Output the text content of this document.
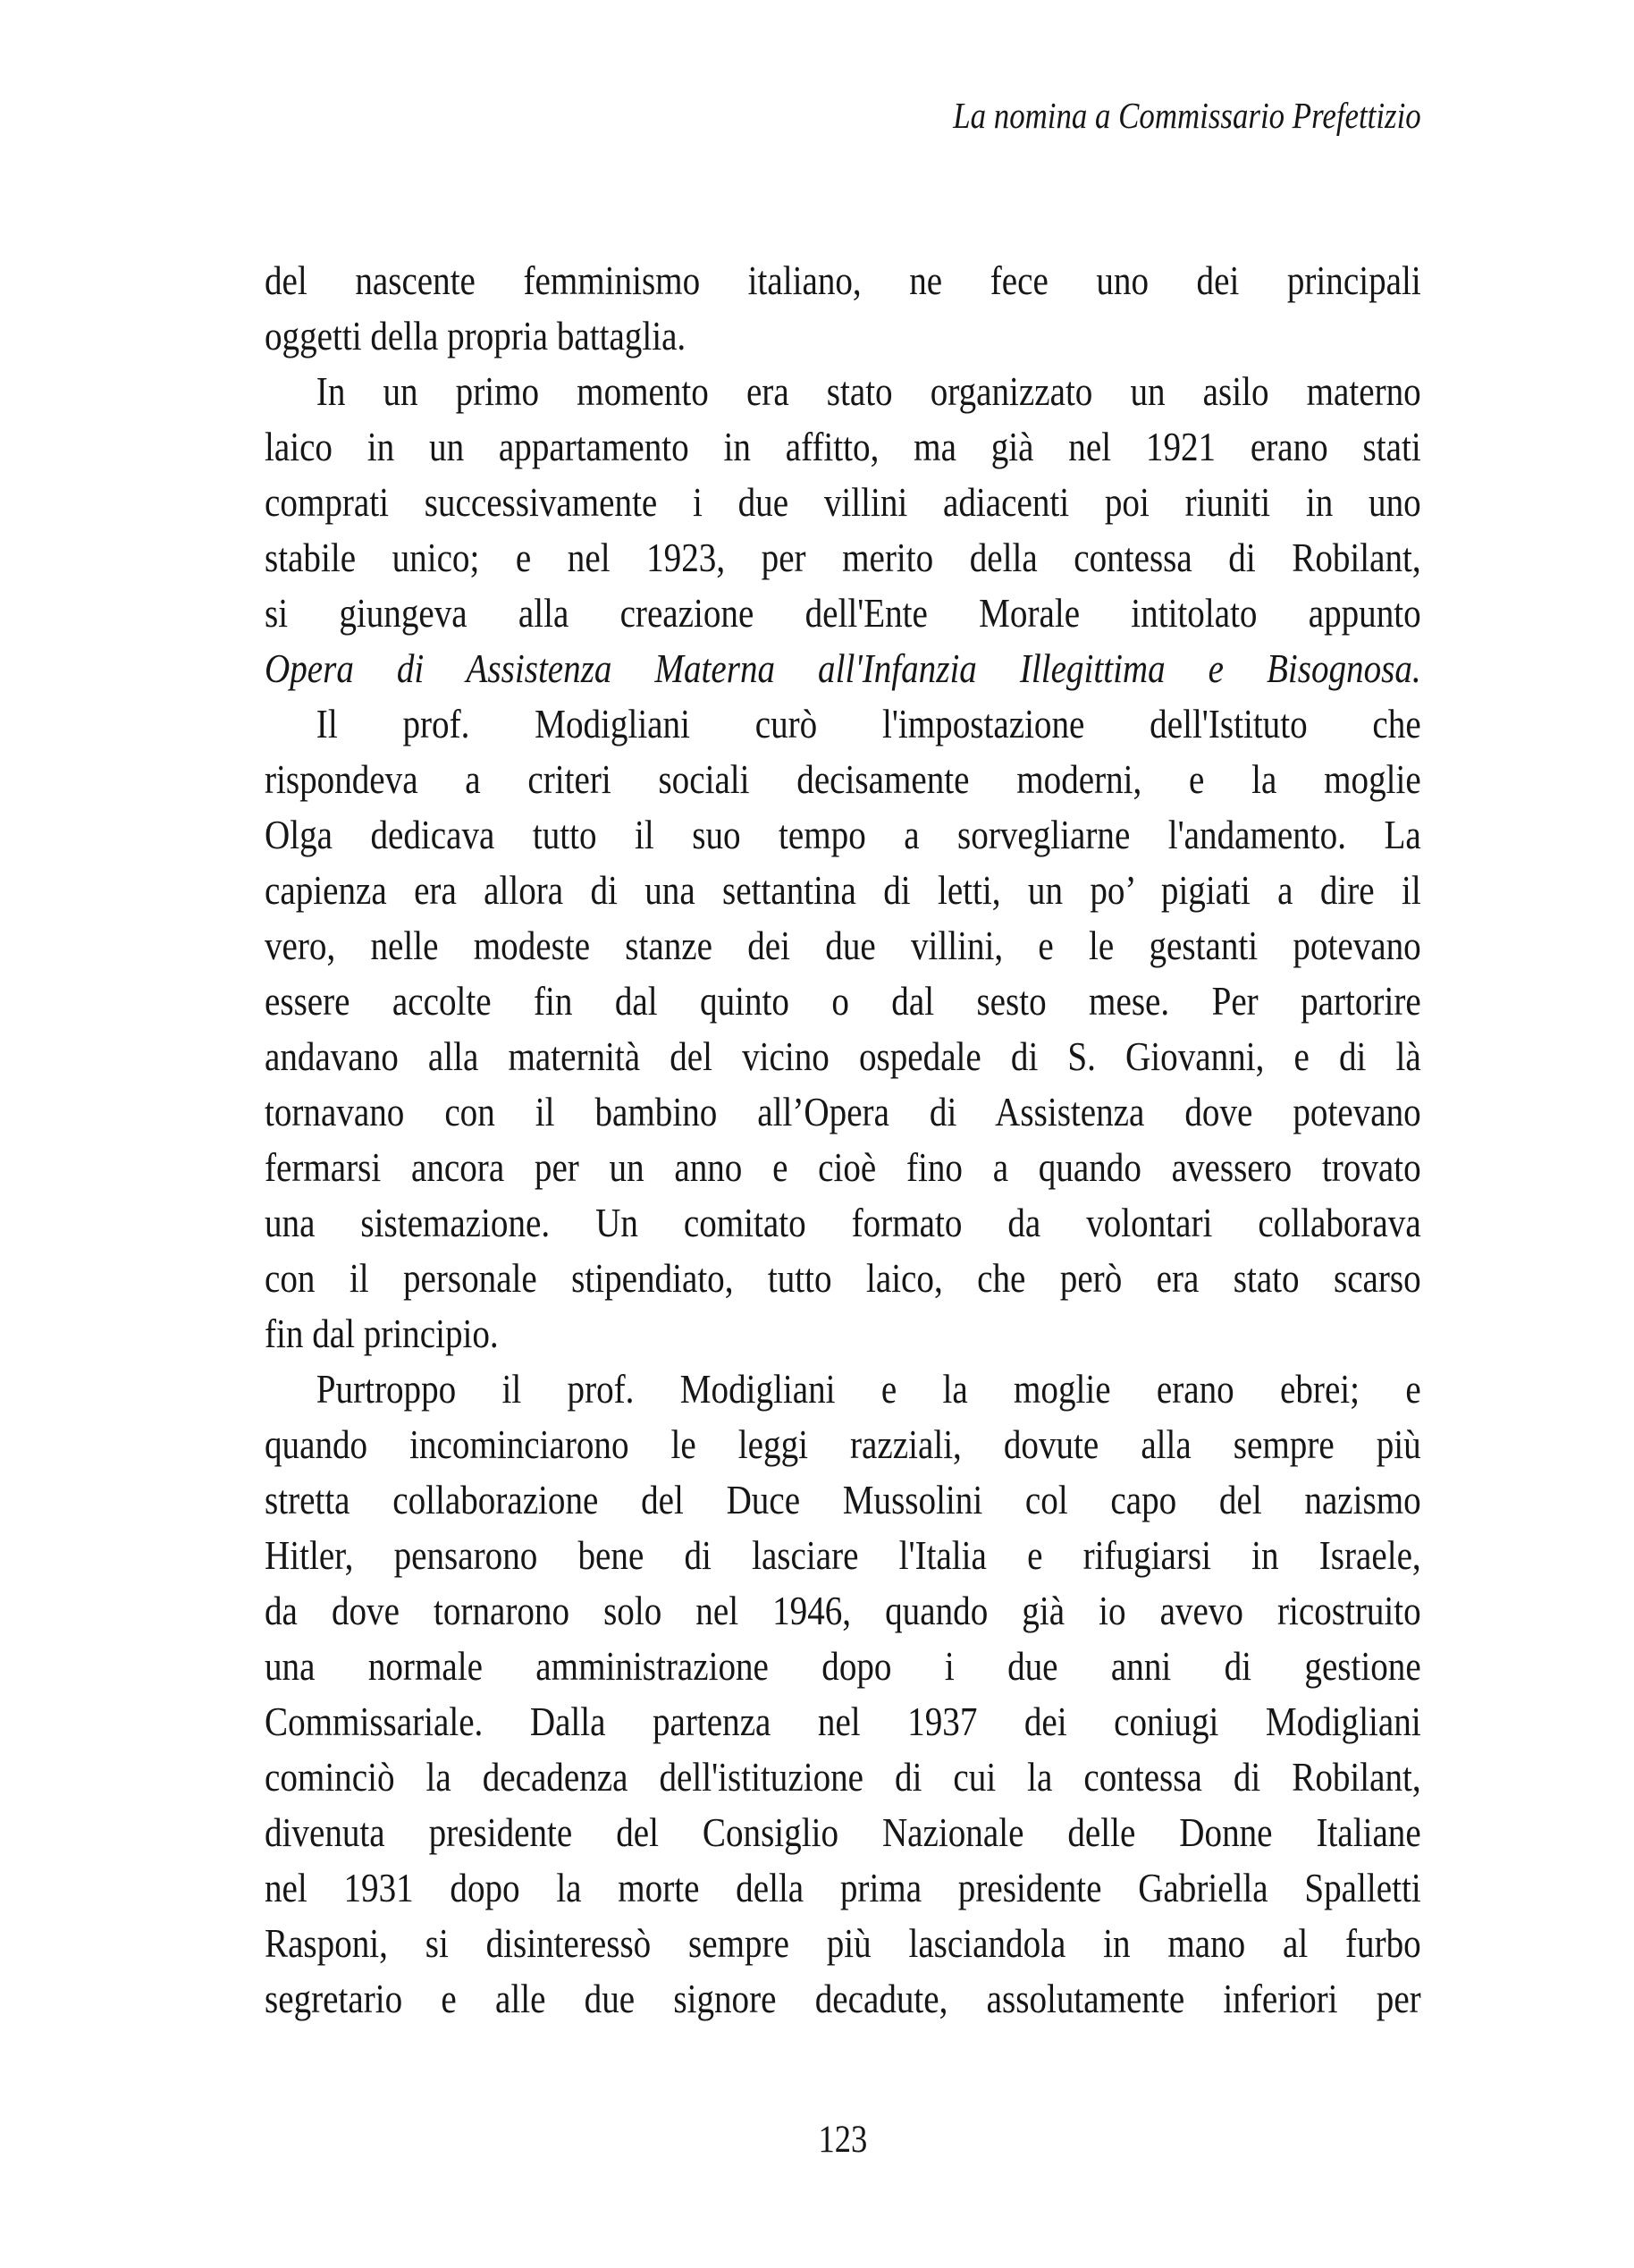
La nomina a Commissario Prefettizio
del nascente femminismo italiano, ne fece uno dei principali
oggetti della propria battaglia.
In un primo momento era stato organizzato un asilo materno
laico in un appartamento in affitto, ma già nel 1921 erano stati
comprati successivamente i due villini adiacenti poi riuniti in uno
stabile unico; e nel 1923, per merito della contessa di Robilant,
si giungeva alla creazione dell'Ente Morale intitolato appunto
Opera di Assistenza Materna all'Infanzia Illegittima e Bisognosa.
Il prof. Modigliani curò l'impostazione dell'Istituto che
rispondeva a criteri sociali decisamente moderni, e la moglie
Olga dedicava tutto il suo tempo a sorvegliarne l'andamento. La
capienza era allora di una settantina di letti, un po’ pigiati a dire il
vero, nelle modeste stanze dei due villini, e le gestanti potevano
essere accolte fin dal quinto o dal sesto mese. Per partorire
andavano alla maternità del vicino ospedale di S. Giovanni, e di là
tornavano con il bambino all’Opera di Assistenza dove potevano
fermarsi ancora per un anno e cioè fino a quando avessero trovato
una sistemazione. Un comitato formato da volontari collaborava
con il personale stipendiato, tutto laico, che però era stato scarso
fin dal principio.
Purtroppo il prof. Modigliani e la moglie erano ebrei; e
quando incominciarono le leggi razziali, dovute alla sempre più
stretta collaborazione del Duce Mussolini col capo del nazismo
Hitler, pensarono bene di lasciare l'Italia e rifugiarsi in Israele,
da dove tornarono solo nel 1946, quando già io avevo ricostruito
una normale amministrazione dopo i due anni di gestione
Commissariale. Dalla partenza nel 1937 dei coniugi Modigliani
cominciò la decadenza dell'istituzione di cui la contessa di Robilant,
divenuta presidente del Consiglio Nazionale delle Donne Italiane
nel 1931 dopo la morte della prima presidente Gabriella Spalletti
Rasponi, si disinteressò sempre più lasciandola in mano al furbo
segretario e alle due signore decadute, assolutamente inferiori per
123
